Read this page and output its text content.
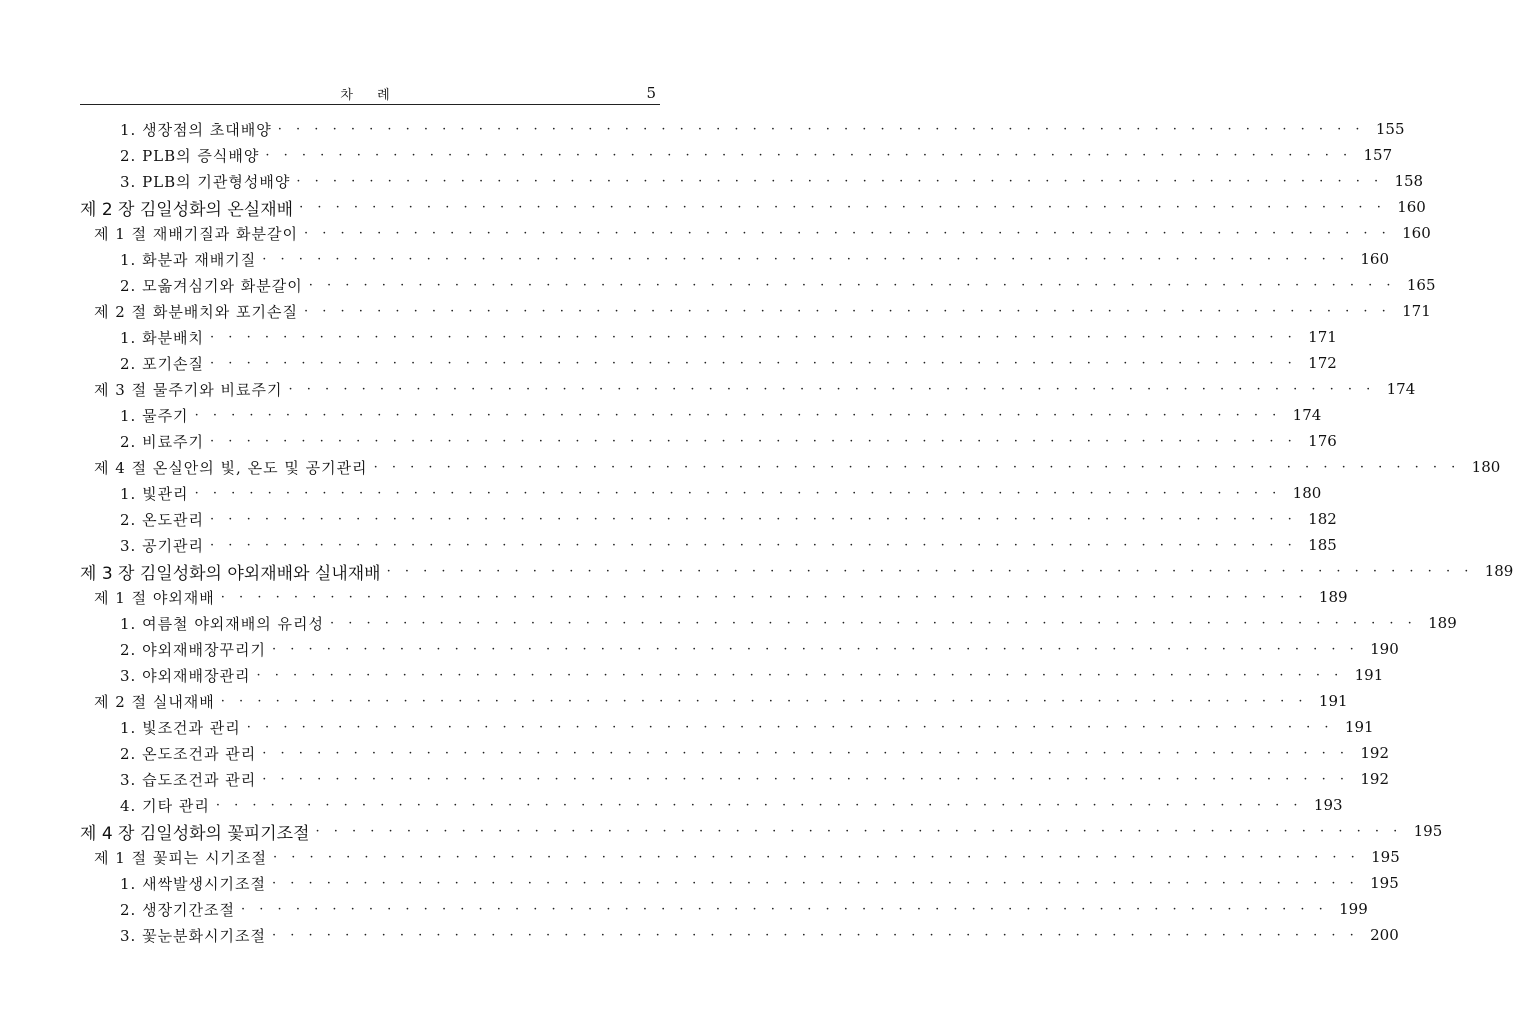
차 례	5
1. 생장점의 초대배양 · · · · · · · · · · · · · · · · · · · · · · · · · · · · · · · · · · · · · · · · · · · · · · · · · · · · · · · · · · · · 155
2. PLB의 증식배양 · · · · · · · · · · · · · · · · · · · · · · · · · · · · · · · · · · · · · · · · · · · · · · · · · · · · · · · · · · · · 157
3. PLB의 기관형성배양 · · · · · · · · · · · · · · · · · · · · · · · · · · · · · · · · · · · · · · · · · · · · · · · · · · · · · · · · · · · · 158
제 2 장 김일성화의 온실재배 · · · · · · · · · · · · · · · · · · · · · · · · · · · · · · · · · · · · · · · · · · · · · · · · · · · · · · · · · · · · 160
제 1 절 재배기질과 화분갈이 · · · · · · · · · · · · · · · · · · · · · · · · · · · · · · · · · · · · · · · · · · · · · · · · · · · · · · · · · · · · 160
1. 화분과 재배기질 · · · · · · · · · · · · · · · · · · · · · · · · · · · · · · · · · · · · · · · · · · · · · · · · · · · · · · · · · · · · 160
2. 모옮겨심기와 화분갈이 · · · · · · · · · · · · · · · · · · · · · · · · · · · · · · · · · · · · · · · · · · · · · · · · · · · · · · · · · · · · 165
제 2 절 화분배치와 포기손질 · · · · · · · · · · · · · · · · · · · · · · · · · · · · · · · · · · · · · · · · · · · · · · · · · · · · · · · · · · · · 171
1. 화분배치 · · · · · · · · · · · · · · · · · · · · · · · · · · · · · · · · · · · · · · · · · · · · · · · · · · · · · · · · · · · · 171
2. 포기손질 · · · · · · · · · · · · · · · · · · · · · · · · · · · · · · · · · · · · · · · · · · · · · · · · · · · · · · · · · · · · 172
제 3 절 물주기와 비료주기 · · · · · · · · · · · · · · · · · · · · · · · · · · · · · · · · · · · · · · · · · · · · · · · · · · · · · · · · · · · · 174
1. 물주기 · · · · · · · · · · · · · · · · · · · · · · · · · · · · · · · · · · · · · · · · · · · · · · · · · · · · · · · · · · · · 174
2. 비료주기 · · · · · · · · · · · · · · · · · · · · · · · · · · · · · · · · · · · · · · · · · · · · · · · · · · · · · · · · · · · · 176
제 4 절 온실안의 빛, 온도 및 공기관리 · · · · · · · · · · · · · · · · · · · · · · · · · · · · · · · · · · · · · · · · · · · · · · · · · · · · · · · · · · · · 180
1. 빛관리 · · · · · · · · · · · · · · · · · · · · · · · · · · · · · · · · · · · · · · · · · · · · · · · · · · · · · · · · · · · · 180
2. 온도관리 · · · · · · · · · · · · · · · · · · · · · · · · · · · · · · · · · · · · · · · · · · · · · · · · · · · · · · · · · · · · 182
3. 공기관리 · · · · · · · · · · · · · · · · · · · · · · · · · · · · · · · · · · · · · · · · · · · · · · · · · · · · · · · · · · · · 185
제 3 장 김일성화의 야외재배와 실내재배 · · · · · · · · · · · · · · · · · · · · · · · · · · · · · · · · · · · · · · · · · · · · · · · · · · · · · · · · · · · · 189
제 1 절 야외재배 · · · · · · · · · · · · · · · · · · · · · · · · · · · · · · · · · · · · · · · · · · · · · · · · · · · · · · · · · · · · 189
1. 여름철 야외재배의 유리성 · · · · · · · · · · · · · · · · · · · · · · · · · · · · · · · · · · · · · · · · · · · · · · · · · · · · · · · · · · · · 189
2. 야외재배장꾸리기 · · · · · · · · · · · · · · · · · · · · · · · · · · · · · · · · · · · · · · · · · · · · · · · · · · · · · · · · · · · · 190
3. 야외재배장관리 · · · · · · · · · · · · · · · · · · · · · · · · · · · · · · · · · · · · · · · · · · · · · · · · · · · · · · · · · · · · 191
제 2 절 실내재배 · · · · · · · · · · · · · · · · · · · · · · · · · · · · · · · · · · · · · · · · · · · · · · · · · · · · · · · · · · · · 191
1. 빛조건과 관리 · · · · · · · · · · · · · · · · · · · · · · · · · · · · · · · · · · · · · · · · · · · · · · · · · · · · · · · · · · · · 191
2. 온도조건과 관리 · · · · · · · · · · · · · · · · · · · · · · · · · · · · · · · · · · · · · · · · · · · · · · · · · · · · · · · · · · · · 192
3. 습도조건과 관리 · · · · · · · · · · · · · · · · · · · · · · · · · · · · · · · · · · · · · · · · · · · · · · · · · · · · · · · · · · · · 192
4. 기타 관리 · · · · · · · · · · · · · · · · · · · · · · · · · · · · · · · · · · · · · · · · · · · · · · · · · · · · · · · · · · · · 193
제 4 장 김일성화의 꽃피기조절 · · · · · · · · · · · · · · · · · · · · · · · · · · · · · · · · · · · · · · · · · · · · · · · · · · · · · · · · · · · · 195
제 1 절 꽃피는 시기조절 · · · · · · · · · · · · · · · · · · · · · · · · · · · · · · · · · · · · · · · · · · · · · · · · · · · · · · · · · · · · 195
1. 새싹발생시기조절 · · · · · · · · · · · · · · · · · · · · · · · · · · · · · · · · · · · · · · · · · · · · · · · · · · · · · · · · · · · · 195
2. 생장기간조절 · · · · · · · · · · · · · · · · · · · · · · · · · · · · · · · · · · · · · · · · · · · · · · · · · · · · · · · · · · · · 199
3. 꽃눈분화시기조절 · · · · · · · · · · · · · · · · · · · · · · · · · · · · · · · · · · · · · · · · · · · · · · · · · · · · · · · · · · · · 200
